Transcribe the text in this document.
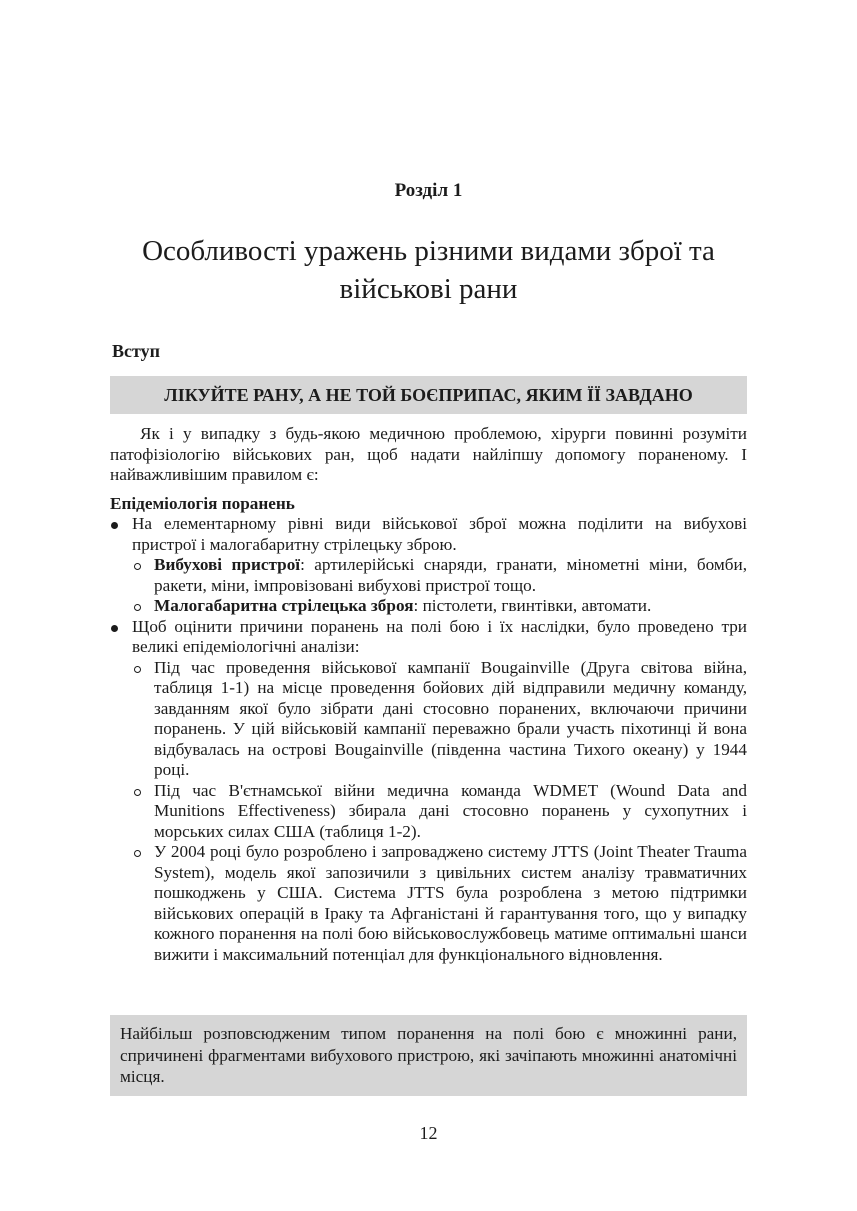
Розділ 1
Особливості уражень різними видами зброї та військові рани
Вступ
ЛІКУЙТЕ РАНУ, А НЕ ТОЙ БОЄПРИПАС, ЯКИМ ЇЇ ЗАВДАНО

Як і у випадку з будь-якою медичною проблемою, хірурги повинні розуміти патофізіологію військових ран, щоб надати найліпшу допомогу пораненому. І найважливішим правилом є:

Епідеміологія поранень

На елементарному рівні види військової зброї можна поділити на вибухові пристрої і малогабаритну стрілецьку зброю.
Вибухові пристрої: артилерійські снаряди, гранати, мінометні міни, бомби, ракети, міни, імпровізовані вибухові пристрої тощо.
Малогабаритна стрілецька зброя: пістолети, гвинтівки, автомати.
Щоб оцінити причини поранень на полі бою і їх наслідки, було проведено три великі епідеміологічні аналізи:
Під час проведення військової кампанії Bougainville (Друга світова війна, таблиця 1-1) на місце проведення бойових дій відправили медичну команду, завданням якої було зібрати дані стосовно поранених, включаючи причини поранень. У цій військовій кампанії переважно брали участь піхотинці й вона відбувалась на острові Bougainville (південна частина Тихого океану) у 1944 році.
Під час В'єтнамської війни медична команда WDMET (Wound Data and Munitions Effectiveness) збирала дані стосовно поранень у сухопутних і морських силах США (таблиця 1-2).
У 2004 році було розроблено і запроваджено систему JTTS (Joint Theater Trauma System), модель якої запозичили з цивільних систем аналізу травматичних пошкоджень у США. Система JTTS була розроблена з метою підтримки військових операцій в Іраку та Афганістані й гарантування того, що у випадку кожного поранення на полі бою військовослужбовець матиме оптимальні шанси вижити і максимальний потенціал для функціонального відновлення.
Найбільш розповсюдженим типом поранення на полі бою є множинні рани, спричинені фрагментами вибухового пристрою, які зачіпають множинні анатомічні місця.
12
